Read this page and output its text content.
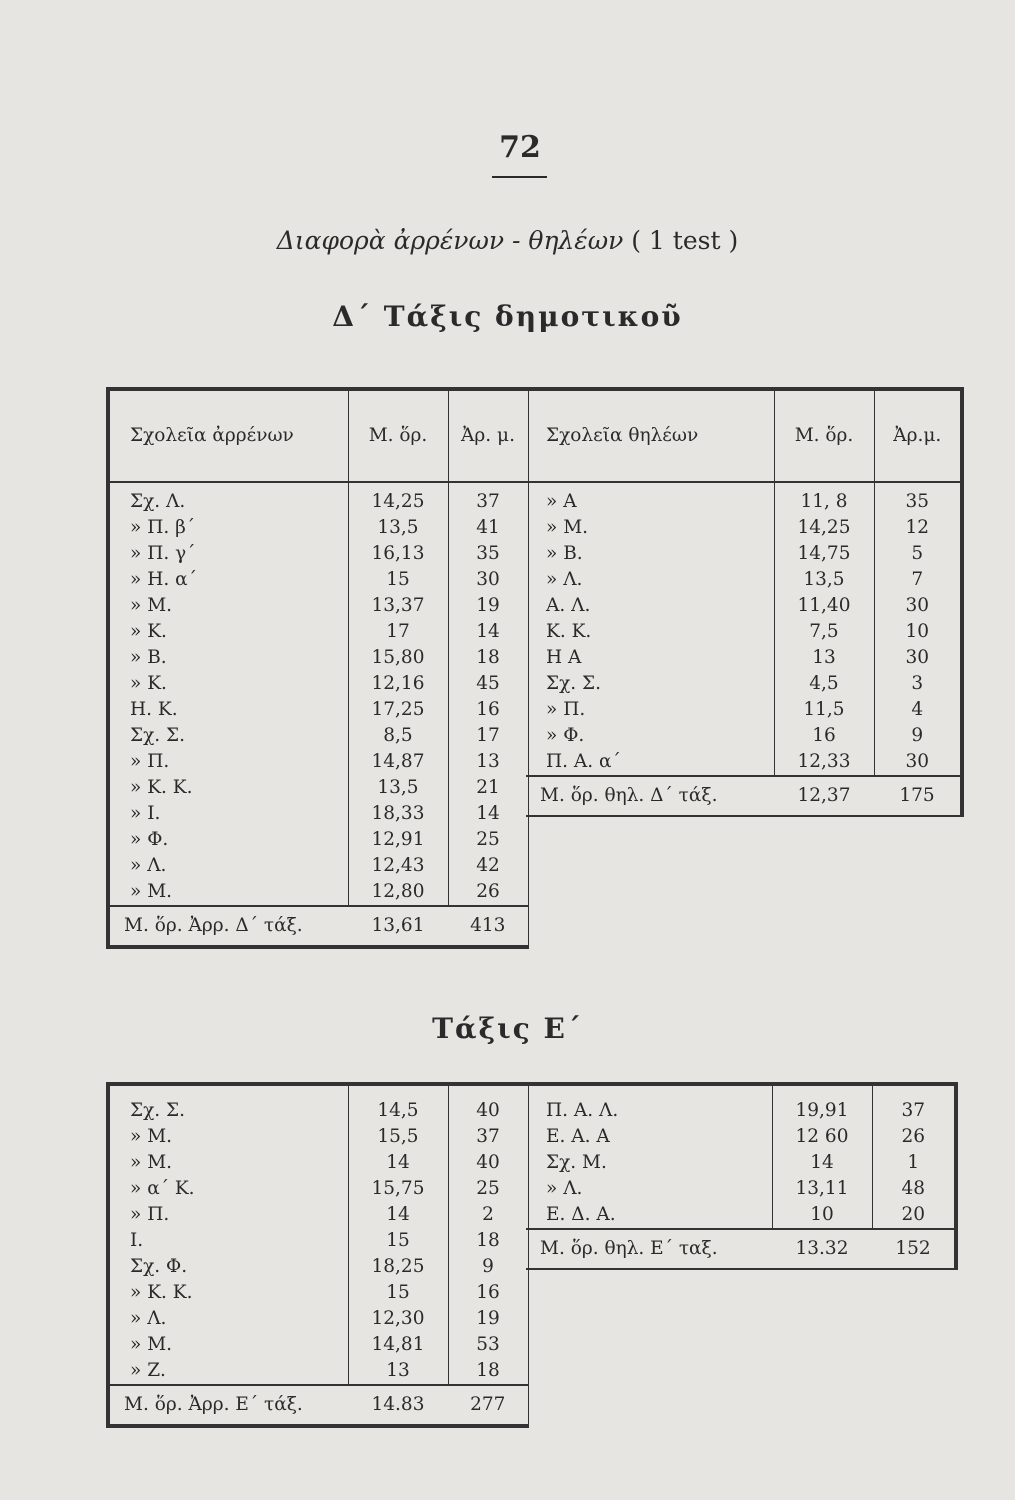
72
Διαφορὰ ἀρρένων - θηλέων ( 1 test )
Δ΄ Τάξις δημοτικοῦ
Σχολεῖα ἀρρένων	Μ. ὅρ.	Ἀρ. μ.
Σχ. Λ.	14,25	37
» Π. β΄	13,5	41
» Π. γ΄	16,13	35
» Η. α΄	15	30
» Μ.	13,37	19
» Κ.	17	14
» Β.	15,80	18
» Κ.	12,16	45
Η. Κ.	17,25	16
Σχ. Σ.	8,5	17
» Π.	14,87	13
» Κ. Κ.	13,5	21
» Ι.	18,33	14
» Φ.	12,91	25
» Λ.	12,43	42
» Μ.	12,80	26
Μ. ὅρ. Ἀρρ. Δ΄ τάξ.	13,61	413
Σχολεῖα θηλέων	Μ. ὅρ.	Ἀρ.μ.
» Α	11, 8	35
» Μ.	14,25	12
» Β.	14,75	5
» Λ.	13,5	7
Α. Λ.	11,40	30
Κ. Κ.	7,5	10
Η Α	13	30
Σχ. Σ.	4,5	3
» Π.	11,5	4
» Φ.	16	9
Π. Α. α΄	12,33	30
Μ. ὅρ. θηλ. Δ΄ τάξ.	12,37	175
Τάξις Ε΄
Σχ. Σ.	14,5	40
» Μ.	15,5	37
» Μ.	14	40
» α΄ Κ.	15,75	25
» Π.	14	2
Ι.	15	18
Σχ. Φ.	18,25	9
» Κ. Κ.	15	16
» Λ.	12,30	19
» Μ.	14,81	53
» Ζ.	13	18
Μ. ὅρ. Ἀρρ. Ε΄ τάξ.	14.83	277
Π. Α. Λ.	19,91	37
Ε. Α. Α	12 60	26
Σχ. Μ.	14	1
» Λ.	13,11	48
Ε. Δ. Α.	10	20
Μ. ὅρ. θηλ. Ε΄ ταξ.	13.32	152
